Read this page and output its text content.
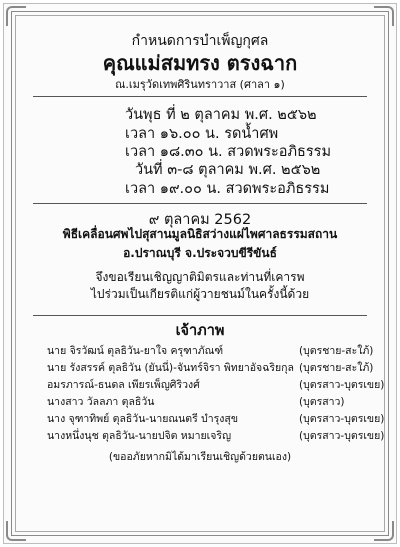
กำหนดการบำเพ็ญกุศล
คุณแม่สมทรง ตรงฉาก
ณ.เมรุวัดเทพศิรินทราวาส (ศาลา ๑)
วันพุธ ที่ ๒ ตุลาคม พ.ศ. ๒๕๖๒
เวลา ๑๖.๐๐ น. รดน้ำศพ
เวลา ๑๘.๓๐ น. สวดพระอภิธรรม
วันที่ ๓-๘ ตุลาคม พ.ศ. ๒๕๖๒
เวลา ๑๙.๐๐ น. สวดพระอภิธรรม
๙ ตุลาคม 2562
พิธีเคลื่อนศพไปสุสานมูลนิธิสว่างแผ่ไพศาลธรรมสถาน
อ.ปราณบุรี จ.ประจวบขีรีขันธ์
จึงขอเรียนเชิญญาติมิตรและท่านที่เคารพ
ไปร่วมเป็นเกียรติแก่ผู้วายชนม์ในครั้งนี้ด้วย
เจ้าภาพ
นาย จิรวัฒน์ ตุลธิวัน-ยาใจ ครุฑาภัณฑ์	(บุตรชาย-สะใภ้)
นาย รังสรรค์ ตุลธิวัน (ยันนี่)-จันทร์จิรา พิทยาอัจฉริยกุล (บุตรชาย-สะใภ้)
อมรภารณ์-ธนดล เพียรเพ็ญศิริวงศ์	(บุตรสาว-บุตรเขย)
นางสาว วัลลภา ตุลธิวัน	(บุตรสาว)
นาง จุฑาทิพย์ ตุลธิวัน-นายณนตรี บำรุงสุข	(บุตรสาว-บุตรเขย)
นางหนึ่งนุช ตุลธิวัน-นายปจิต หมายเจริญ	(บุตรสาว-บุตรเขย)
(ขออภัยหากมิได้มาเรียนเชิญด้วยตนเอง)
